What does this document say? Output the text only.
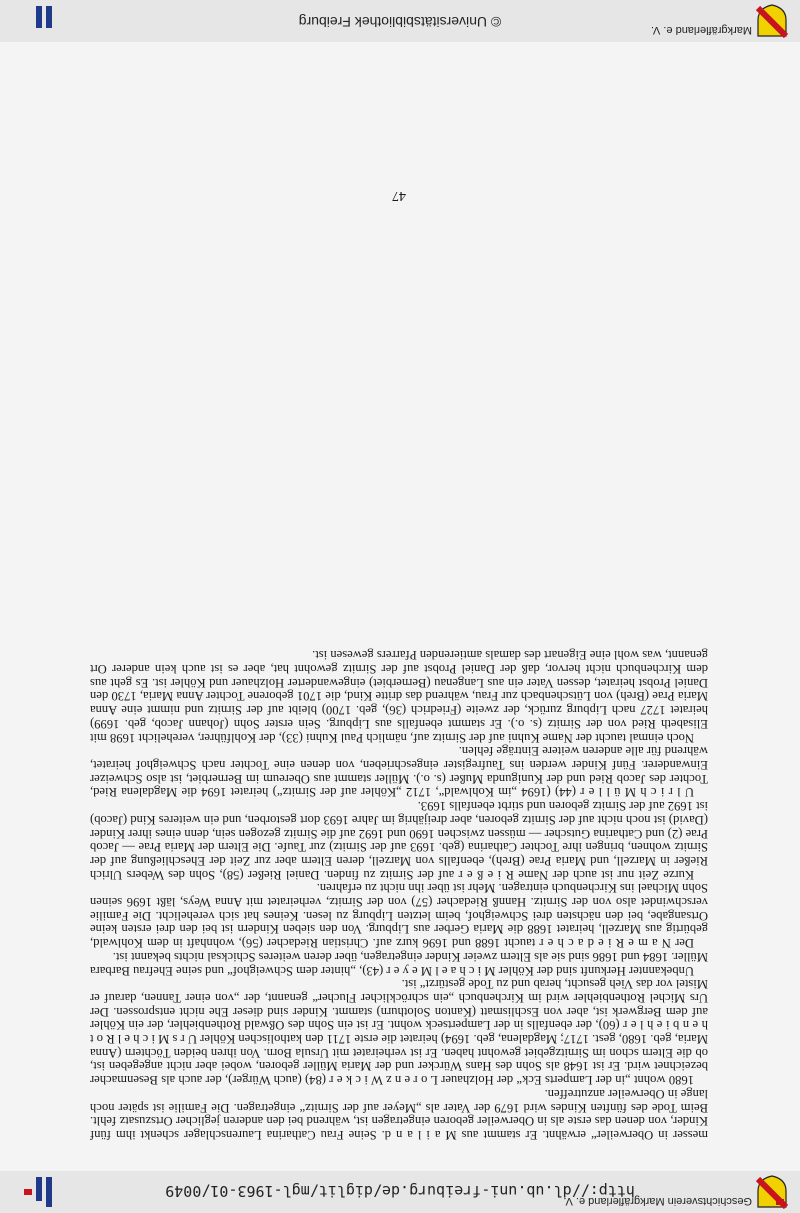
Geschichtsverein Markgräflerland e. V.
http://dl.ub.uni-freiburg.de/diglit/mgl-1963-01/0049

messer in Oberweiler“ erwähnt. Er stammt aus M a i l a n d. Seine Frau Catharina Laurenschlager schenkt ihm fünf Kinder, von denen das erste als in Oberweiler geboren eingetragen ist, während bei den anderen jeglicher Ortszusatz fehlt. Beim Tode des fünften Kindes wird 1679 der Vater als „Meyer auf der Sirnitz“ eingetragen. Die Familie ist später noch lange in Oberweiler anzutreffen.

1680 wohnt „in der Lamperts Eck“ der Holzhauer L o r e n z W i c k e r (84) (auch Würger), der auch als Besenmacher bezeichnet wird. Er ist 1648 als Sohn des Hans Würcker und der Maria Müller geboren, wobei aber nicht angegeben ist, ob die Eltern schon im Sirnitzgebiet gewohnt haben. Er ist verheiratet mit Ursula Born. Von ihren beiden Töchtern (Anna Maria, geb. 1680, gest. 1717; Magdalena, geb. 1694) heiratet die erste 1711 den katholischen Köhler U r s M i c h e l R o t h e n b i e h l e r (60), der ebenfalls in der Lampertseck wohnt. Er ist ein Sohn des Oßwald Rothenbiehler, der ein Köhler auf dem Bergwerk ist, aber von Eschlismatt (Kanton Solothurn) stammt. Kinder sind dieser Ehe nicht entsprossen. Der Urs Michel Rothenbiehler wird im Kirchenbuch „ein schröcklicher Flucher“ genannt, der „von einer Tannen, darauf er Mistel vor das Vieh gesucht, herab und zu Tode gestürzt“ ist.

Unbekannter Herkunft sind der Köhler M i c h a e l M e y e r (43), „hinter dem Schweighof“ und seine Ehefrau Barbara Müller. 1684 und 1686 sind sie als Eltern zweier Kinder eingetragen, über deren weiteres Schicksal nichts bekannt ist.

Der N a m e R i e d a c h e r taucht 1688 und 1696 kurz auf. Christian Riedacher (56), wohnhaft in dem Kohlwald, gebürtig aus Marzell, heiratet 1688 die Maria Gerber aus Lipburg. Von den sieben Kindern ist bei den drei ersten keine Ortsangabe, bei den nächsten drei Schweighof, beim letzten Lipburg zu lesen. Keines hat sich verehelicht. Die Familie verschwindet also von der Sirnitz. Hannß Riedacher (57) von der Sirnitz, verheiratet mit Anna Weys, läßt 1696 seinen Sohn Michael ins Kirchenbuch eintragen. Mehr ist über ihn nicht zu erfahren.

Kurze Zeit nur ist auch der Name R i e ß e r auf der Sirnitz zu finden. Daniel Rießer (58), Sohn des Webers Ulrich Rießer in Marzell, und Maria Prae (Breh), ebenfalls von Marzell, deren Eltern aber zur Zeit der Eheschließung auf der Sirnitz wohnen, bringen ihre Tochter Catharina (geb. 1693 auf der Sirnitz) zur Taufe. Die Eltern der Maria Prae — Jacob Prae (2) und Catharina Gutscher — müssen zwischen 1690 und 1692 auf die Sirnitz gezogen sein, denn eines ihrer Kinder (David) ist noch nicht auf der Sirnitz geboren, aber dreijährig im Jahre 1693 dort gestorben, und ein weiteres Kind (Jacob) ist 1692 auf der Sirnitz geboren und stirbt ebenfalls 1693.

U l r i c h M ü l l e r (44) (1694 „im Kohlwald“, 1712 „Köhler auf der Sirnitz“) heiratet 1694 die Magdalena Ried, Tochter des Jacob Ried und der Kunigunda Mußer (s. o.). Müller stammt aus Obereum im Bernerbiet, ist also Schweizer Einwanderer. Fünf Kinder werden ins Taufregister eingeschrieben, von denen eine Tochter nach Schweighof heiratet, während für alle anderen weitere Einträge fehlen.

Noch einmal taucht der Name Kuhni auf der Sirnitz auf, nämlich Paul Kuhni (33), der Kohlführer, verehelicht 1698 mit Elisabeth Ried von der Sirnitz (s. o.). Er stammt ebenfalls aus Lipburg. Sein erster Sohn (Johann Jacob, geb. 1699) heiratet 1727 nach Lipburg zurück, der zweite (Friedrich (36), geb. 1700) bleibt auf der Sirnitz und nimmt eine Anna Maria Prae (Breh) von Lütschenbach zur Frau, während das dritte Kind, die 1701 geborene Tochter Anna Maria, 1730 den Daniel Probst heiratet, dessen Vater ein aus Langenau (Bernerbiet) eingewanderter Holzhauer und Köhler ist. Es geht aus dem Kirchenbuch nicht hervor, daß der Daniel Probst auf der Sirnitz gewohnt hat, aber es ist auch kein anderer Ort genannt, was wohl eine Eigenart des damals amtierenden Pfarrers gewesen ist.

47
Markgräflerland e. V.
© Universitätsbibliothek Freiburg
